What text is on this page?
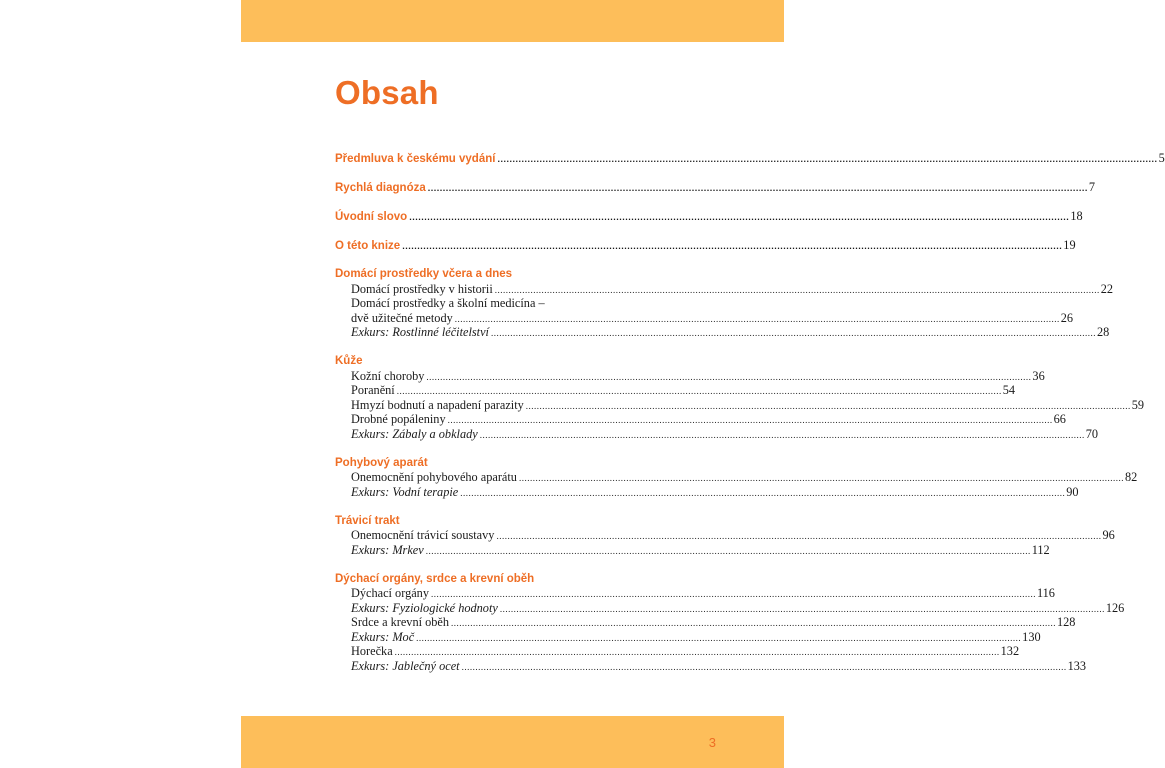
Obsah
Předmluva k českému vydání ............................................................................................................................................................................................................................ 5
Rychlá diagnóza ............................................................................................................................................................................................................................ 7
Úvodní slovo ............................................................................................................................................................................................................................ 18
O této knize ............................................................................................................................................................................................................................ 19
Domácí prostředky včera a dnes
Domácí prostředky v historii ............................................................................................................................................................................................................................ 22
Domácí prostředky a školní medicína –
dvě užitečné metody ............................................................................................................................................................................................................................ 26
Exkurs: Rostlinné léčitelství ............................................................................................................................................................................................................................ 28
Kůže
Kožní choroby ............................................................................................................................................................................................................................ 36
Poranění ............................................................................................................................................................................................................................ 54
Hmyzí bodnutí a napadení parazity ............................................................................................................................................................................................................................ 59
Drobné popáleniny ............................................................................................................................................................................................................................ 66
Exkurs: Zábaly a obklady ............................................................................................................................................................................................................................ 70
Pohybový aparát
Onemocnění pohybového aparátu ............................................................................................................................................................................................................................ 82
Exkurs: Vodní terapie ............................................................................................................................................................................................................................ 90
Trávicí trakt
Onemocnění trávicí soustavy ............................................................................................................................................................................................................................ 96
Exkurs: Mrkev ............................................................................................................................................................................................................................ 112
Dýchací orgány, srdce a krevní oběh
Dýchací orgány ............................................................................................................................................................................................................................ 116
Exkurs: Fyziologické hodnoty ............................................................................................................................................................................................................................ 126
Srdce a krevní oběh ............................................................................................................................................................................................................................ 128
Exkurs: Moč ............................................................................................................................................................................................................................ 130
Horečka ............................................................................................................................................................................................................................ 132
Exkurs: Jablečný ocet ............................................................................................................................................................................................................................ 133
3
